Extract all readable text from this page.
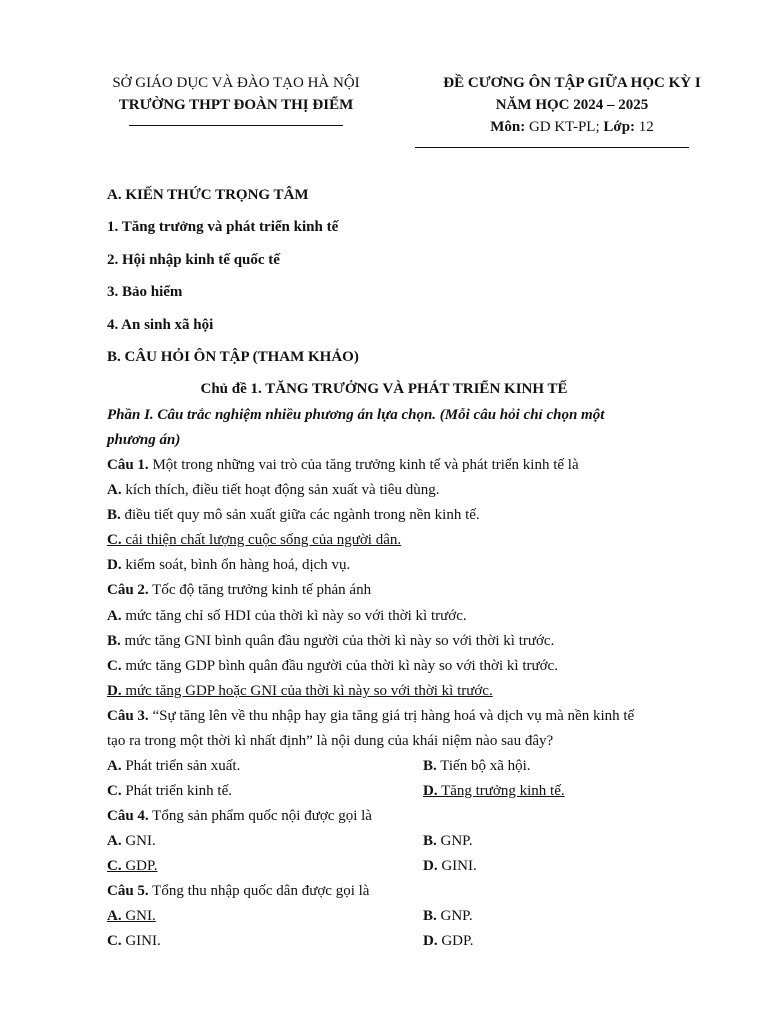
SỞ GIÁO DỤC VÀ ĐÀO TẠO HÀ NỘI
TRƯỜNG THPT ĐOÀN THỊ ĐIỂM
ĐỀ CƯƠNG ÔN TẬP GIỮA HỌC KỲ I
NĂM HỌC 2024 – 2025
Môn: GD KT-PL; Lớp: 12
A. KIẾN THỨC TRỌNG TÂM
1. Tăng trưởng và phát triển kinh tế
2. Hội nhập kinh tế quốc tế
3. Bảo hiểm
4. An sinh xã hội
B. CÂU HỎI ÔN TẬP (THAM KHẢO)
Chủ đề 1. TĂNG TRƯỞNG VÀ PHÁT TRIỂN KINH TẾ
Phần I. Câu trắc nghiệm nhiều phương án lựa chọn. (Mỗi câu hỏi chỉ chọn một
phương án)
Câu 1. Một trong những vai trò của tăng trưởng kinh tế và phát triển kinh tế là
A. kích thích, điều tiết hoạt động sản xuất và tiêu dùng.
B. điều tiết quy mô sản xuất giữa các ngành trong nền kinh tế.
C. cải thiện chất lượng cuộc sống của người dân.
D. kiểm soát, bình ổn hàng hoá, dịch vụ.
Câu 2. Tốc độ tăng trưởng kinh tế phản ánh
A. mức tăng chỉ số HDI của thời kì này so với thời kì trước.
B. mức tăng GNI bình quân đầu người của thời kì này so với thời kì trước.
C. mức tăng GDP bình quân đầu người của thời kì này so với thời kì trước.
D. mức tăng GDP hoặc GNI của thời kì này so với thời kì trước.
Câu 3. “Sự tăng lên về thu nhập hay gia tăng giá trị hàng hoá và dịch vụ mà nền kinh tế
tạo ra trong một thời kì nhất định” là nội dung của khái niệm nào sau đây?
A. Phát triển sản xuất.	B. Tiến bộ xã hội.
C. Phát triển kinh tế.	D. Tăng trưởng kinh tế.
Câu 4. Tổng sản phẩm quốc nội được gọi là
A. GNI.	B. GNP.
C. GDP.	D. GINI.
Câu 5. Tổng thu nhập quốc dân được gọi là
A. GNI.	B. GNP.
C. GINI.	D. GDP.
